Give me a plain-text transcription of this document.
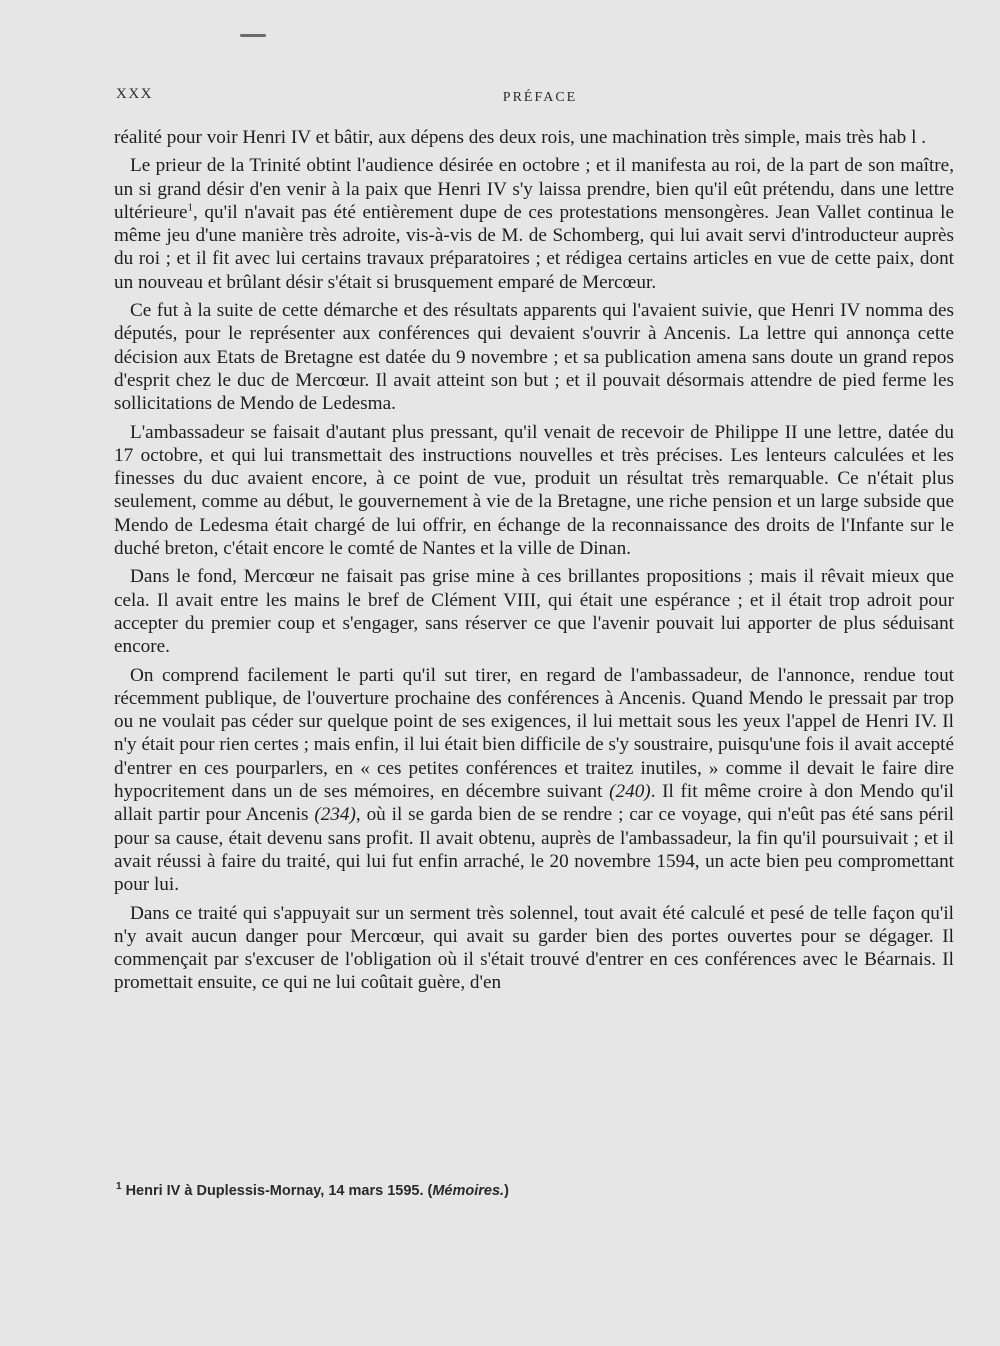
XXX	PRÉFACE

réalité pour voir Henri IV et bâtir, aux dépens des deux rois, une machination très simple, mais très hab l .

Le prieur de la Trinité obtint l'audience désirée en octobre ; et il manifesta au roi, de la part de son maître, un si grand désir d'en venir à la paix que Henri IV s'y laissa prendre, bien qu'il eût prétendu, dans une lettre ultérieure$^1$, qu'il n'avait pas été entièrement dupe de ces protestations mensongères. Jean Vallet continua le même jeu d'une manière très adroite, vis-à-vis de M. de Schomberg, qui lui avait servi d'introducteur auprès du roi ; et il fit avec lui certains travaux préparatoires ; et rédigea certains articles en vue de cette paix, dont un nouveau et brûlant désir s'était si brusquement emparé de Mercœur.

Ce fut à la suite de cette démarche et des résultats apparents qui l'avaient suivie, que Henri IV nomma des députés, pour le représenter aux conférences qui devaient s'ouvrir à Ancenis. La lettre qui annonça cette décision aux Etats de Bretagne est datée du 9 novembre ; et sa publication amena sans doute un grand repos d'esprit chez le duc de Mercœur. Il avait atteint son but ; et il pouvait désormais attendre de pied ferme les sollicitations de Mendo de Ledesma.

L'ambassadeur se faisait d'autant plus pressant, qu'il venait de recevoir de Philippe II une lettre, datée du 17 octobre, et qui lui transmettait des instructions nouvelles et très précises. Les lenteurs calculées et les finesses du duc avaient encore, à ce point de vue, produit un résultat très remarquable. Ce n'était plus seulement, comme au début, le gouvernement à vie de la Bretagne, une riche pension et un large subside que Mendo de Ledesma était chargé de lui offrir, en échange de la reconnaissance des droits de l'Infante sur le duché breton, c'était encore le comté de Nantes et la ville de Dinan.

Dans le fond, Mercœur ne faisait pas grise mine à ces brillantes propositions ; mais il rêvait mieux que cela. Il avait entre les mains le bref de Clément VIII, qui était une espérance ; et il était trop adroit pour accepter du premier coup et s'engager, sans réserver ce que l'avenir pouvait lui apporter de plus séduisant encore.

On comprend facilement le parti qu'il sut tirer, en regard de l'ambassadeur, de l'annonce, rendue tout récemment publique, de l'ouverture prochaine des conférences à Ancenis. Quand Mendo le pressait par trop ou ne voulait pas céder sur quelque point de ses exigences, il lui mettait sous les yeux l'appel de Henri IV. Il n'y était pour rien certes ; mais enfin, il lui était bien difficile de s'y soustraire, puisqu'une fois il avait accepté d'entrer en ces pourparlers, en « ces petites conférences et traitez inutiles, » comme il devait le faire dire hypocritement dans un de ses mémoires, en décembre suivant (240). Il fit même croire à don Mendo qu'il allait partir pour Ancenis (234), où il se garda bien de se rendre ; car ce voyage, qui n'eût pas été sans péril pour sa cause, était devenu sans profit. Il avait obtenu, auprès de l'ambassadeur, la fin qu'il poursuivait ; et il avait réussi à faire du traité, qui lui fut enfin arraché, le 20 novembre 1594, un acte bien peu compromettant pour lui.

Dans ce traité qui s'appuyait sur un serment très solennel, tout avait été calculé et pesé de telle façon qu'il n'y avait aucun danger pour Mercœur, qui avait su garder bien des portes ouvertes pour se dégager. Il commençait par s'excuser de l'obligation où il s'était trouvé d'entrer en ces conférences avec le Béarnais. Il promettait ensuite, ce qui ne lui coûtait guère, d'en

$^1$ Henri IV à Duplessis-Mornay, 14 mars 1595. (Mémoires.)
